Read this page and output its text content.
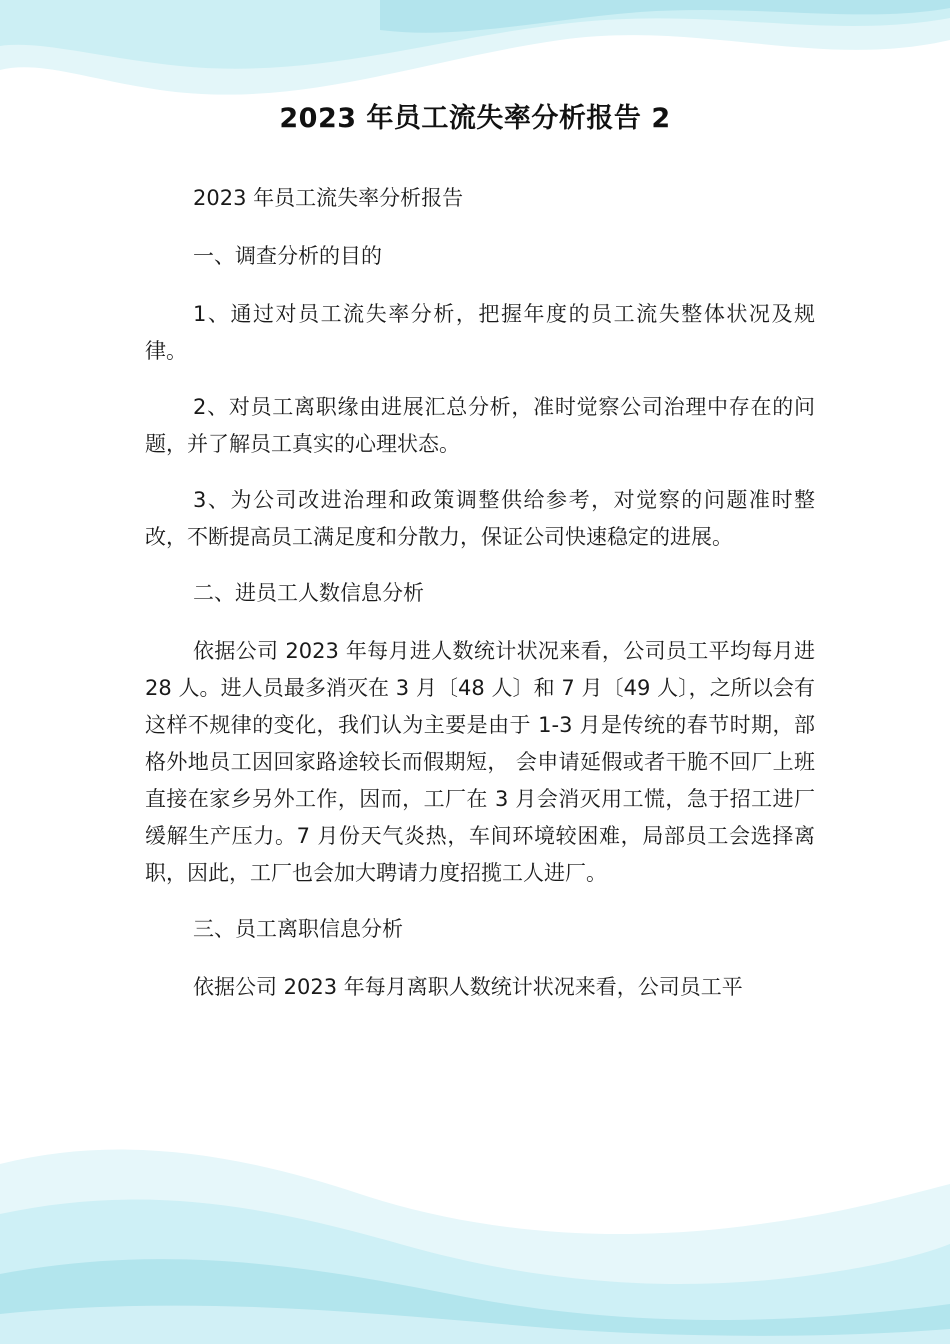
2023 年员工流失率分析报告 2

2023 年员工流失率分析报告

一、调查分析的目的

1、通过对员工流失率分析，把握年度的员工流失整体状况及规律。

2、对员工离职缘由进展汇总分析，准时觉察公司治理中存在的问题，并了解员工真实的心理状态。

3、为公司改进治理和政策调整供给参考，对觉察的问题准时整改，不断提高员工满足度和分散力，保证公司快速稳定的进展。

二、进员工人数信息分析

依据公司 2023 年每月进人数统计状况来看，公司员工平均每月进 28 人。进人员最多消灭在 3 月〔48 人〕和 7 月〔49 人〕，之所以会有这样不规律的变化，我们认为主要是由于 1-3 月是传统的春节时期，部格外地员工因回家路途较长而假期短， 会申请延假或者干脆不回厂上班直接在家乡另外工作，因而，工厂在 3 月会消灭用工慌，急于招工进厂缓解生产压力。7 月份天气炎热，车间环境较困难，局部员工会选择离职，因此，工厂也会加大聘请力度招揽工人进厂。

三、员工离职信息分析

依据公司 2023 年每月离职人数统计状况来看，公司员工平
